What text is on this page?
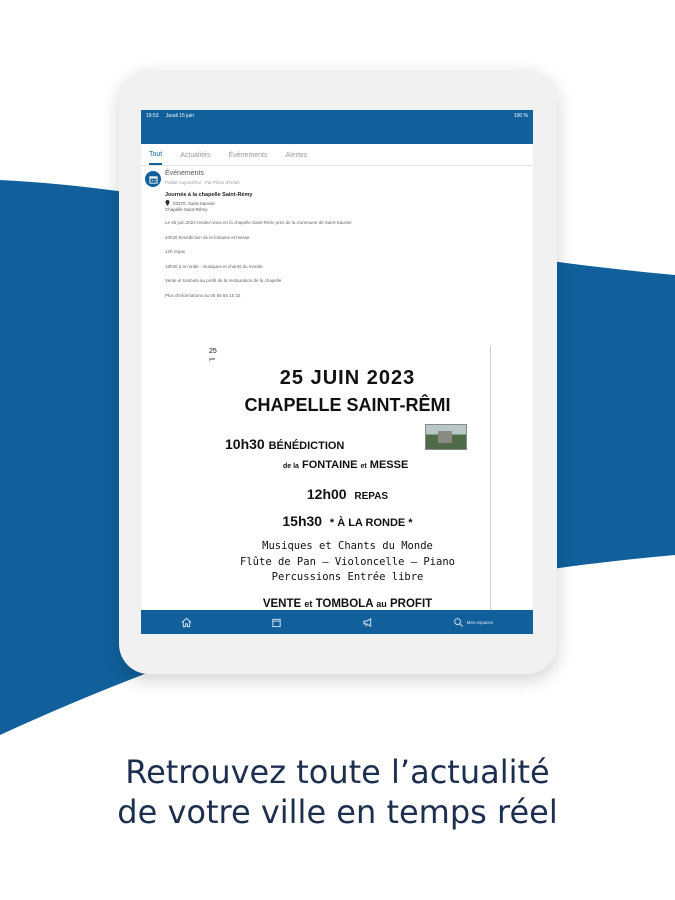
19:53 Jeudi 15 juin	100 %
Tout	Actualités	Événements	Alertes
Événements
Publié Aujourd'hui · Par Place d'Hôtel
Journée à la chapelle Saint-Rémy
03370, Saint-Sauvier
Chapelle Saint-Rémy

Le 25 juin 2023 rendez-vous en la chapelle Saint-Rémi près de la Commune de Saint-Sauvier

10h30 bénédiction de la fontaine et messe

12h repas

15h30 à la ronde : musiques et chants du monde

Vente et tombola au profit de la restauration de la chapelle

Plus d'informations au 05 55 65 15 32

25
juin
25 JUIN 2023
CHAPELLE SAINT-RÊMI
10h30 BÉNÉDICTION
de la FONTAINE et MESSE
12h00 REPAS
15h30 * À LA RONDE *
Musiques et Chants du Monde
Flûte de Pan – Violoncelle – Piano
Percussions Entrée libre
VENTE et TOMBOLA au PROFIT
Mes espaces
Retrouvez toute l’actualité
de votre ville en temps réel
